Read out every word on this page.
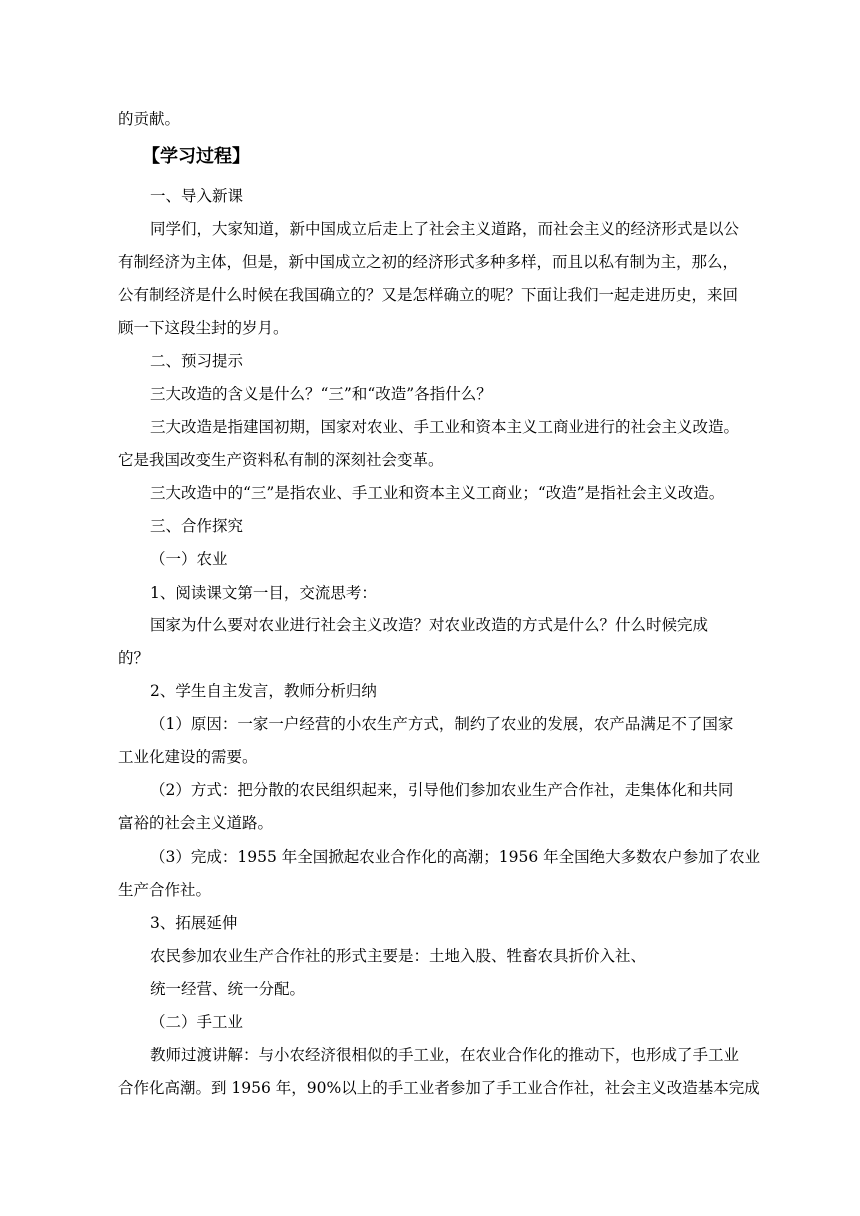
的贡献。
【学习过程】
一、导入新课
同学们，大家知道，新中国成立后走上了社会主义道路，而社会主义的经济形式是以公
有制经济为主体，但是，新中国成立之初的经济形式多种多样，而且以私有制为主，那么，
公有制经济是什么时候在我国确立的？又是怎样确立的呢？下面让我们一起走进历史，来回
顾一下这段尘封的岁月。
二、预习提示
三大改造的含义是什么？“三”和“改造”各指什么？
三大改造是指建国初期，国家对农业、手工业和资本主义工商业进行的社会主义改造。
它是我国改变生产资料私有制的深刻社会变革。
三大改造中的“三”是指农业、手工业和资本主义工商业；“改造”是指社会主义改造。
三、合作探究
（一）农业
1、阅读课文第一目，交流思考：
国家为什么要对农业进行社会主义改造？对农业改造的方式是什么？什么时候完成
的？
2、学生自主发言，教师分析归纳
（1）原因：一家一户经营的小农生产方式，制约了农业的发展，农产品满足不了国家
工业化建设的需要。
（2）方式：把分散的农民组织起来，引导他们参加农业生产合作社，走集体化和共同
富裕的社会主义道路。
（3）完成：1955 年全国掀起农业合作化的高潮；1956 年全国绝大多数农户参加了农业
生产合作社。
3、拓展延伸
农民参加农业生产合作社的形式主要是：土地入股、牲畜农具折价入社、
统一经营、统一分配。
（二）手工业
教师过渡讲解：与小农经济很相似的手工业，在农业合作化的推动下，也形成了手工业
合作化高潮。到 1956 年，90%以上的手工业者参加了手工业合作社，社会主义改造基本完成
